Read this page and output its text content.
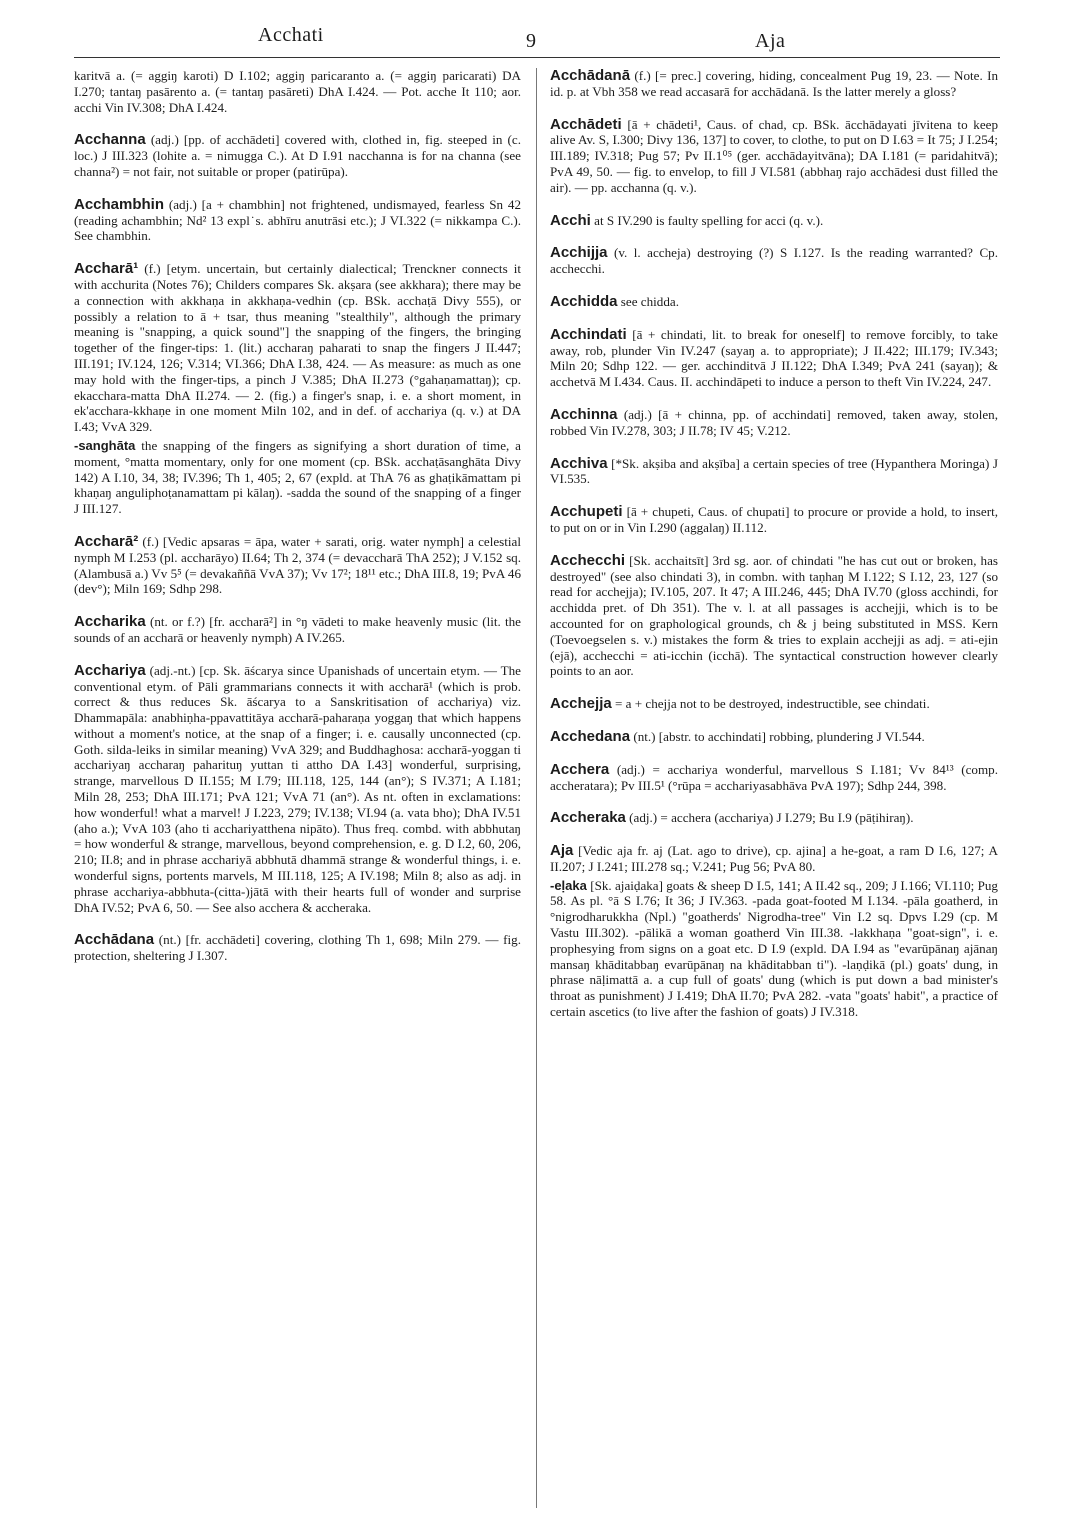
Acchati	9	Aja
karitvā a. (= aggiŋ karoti) D I.102; aggiŋ paricaranto a. (= aggiŋ paricarati) DA I.270; tantaŋ pasārento a. (= tantaŋ pasāreti) DhA I.424. — Pot. acche It 110; aor. acchi Vin IV.308; DhA I.424.
Acchanna (adj.) [pp. of acchādeti] covered with, clothed in, fig. steeped in (c. loc.) J III.323 (lohite a. = nimugga C.). At D I.91 nacchanna is for na channa (see channa²) = not fair, not suitable or proper (patirūpa).
Acchambhin (adj.) [a + chambhin] not frightened, undismayed, fearless Sn 42 (reading achambhin; Nd² 13 expl˙s. abhīru anutrāsi etc.); J VI.322 (= nikkampa C.). See chambhin.
Accharā¹ (f.) [etym. uncertain, but certainly dialectical; Trenckner connects it with acchurita (Notes 76); Childers compares Sk. akṣara (see akkhara); there may be a connection with akkhaṇa in akkhaṇa-vedhin (cp. BSk. acchaṭā Divy 555), or possibly a relation to ā + tsar, thus meaning "stealthily", although the primary meaning is "snapping, a quick sound"] the snapping of the fingers, the bringing together of the finger-tips: 1. (lit.) accharaŋ paharati to snap the fingers J II.447; III.191; IV.124, 126; V.314; VI.366; DhA I.38, 424. — As measure: as much as one may hold with the finger-tips, a pinch J V.385; DhA II.273 (°gahaṇamattaŋ); cp. ekacchara-matta DhA II.274. — 2. (fig.) a finger's snap, i. e. a short moment, in ek'acchara-kkhaṇe in one moment Miln 102, and in def. of acchariya (q. v.) at DA I.43; VvA 329.
-sanghāta the snapping of the fingers as signifying a short duration of time, a moment, °matta momentary, only for one moment (cp. BSk. acchaṭāsanghāta Divy 142) A I.10, 34, 38; IV.396; Th 1, 405; 2, 67 (expld. at ThA 76 as ghaṭikāmattam pi khaṇaŋ anguliphoṭanamattam pi kālaŋ). -sadda the sound of the snapping of a finger J III.127.
Accharā² (f.) [Vedic apsaras = āpa, water + sarati, orig. water nymph] a celestial nymph M I.253 (pl. accharāyo) II.64; Th 2, 374 (= devaccharā ThA 252); J V.152 sq. (Alambusā a.) Vv 5⁵ (= devakaññā VvA 37); Vv 17²; 18¹¹ etc.; DhA III.8, 19; PvA 46 (dev°); Miln 169; Sdhp 298.
Accharika (nt. or f.?) [fr. accharā²] in °ŋ vādeti to make heavenly music (lit. the sounds of an accharā or heavenly nymph) A IV.265.
Acchariya (adj.-nt.) [cp. Sk. āścarya since Upanishads of uncertain etym. — The conventional etym. of Pāli grammarians connects it with accharā¹ (which is prob. correct & thus reduces Sk. āścarya to a Sanskritisation of acchariya) viz. Dhammapāla: anabhiṇha-ppavattitāya accharā-paharaṇa yoggaŋ that which happens without a moment's notice, at the snap of a finger; i. e. causally unconnected (cp. Goth. silda-leiks in similar meaning) VvA 329; and Buddhaghosa: accharā-yoggan ti acchariyaŋ accharaŋ paharituŋ yuttan ti attho DA I.43] wonderful, surprising, strange, marvellous D II.155; M I.79; III.118, 125, 144 (an°); S IV.371; A I.181; Miln 28, 253; DhA III.171; PvA 121; VvA 71 (an°). As nt. often in exclamations: how wonderful! what a marvel! J I.223, 279; IV.138; VI.94 (a. vata bho); DhA IV.51 (aho a.); VvA 103 (aho ti acchariyatthena nipāto). Thus freq. combd. with abbhutaŋ = how wonderful & strange, marvellous, beyond comprehension, e. g. D I.2, 60, 206, 210; II.8; and in phrase acchariyā abbhutā dhammā strange & wonderful things, i. e. wonderful signs, portents marvels, M III.118, 125; A IV.198; Miln 8; also as adj. in phrase acchariya-abbhuta-(citta-)jātā with their hearts full of wonder and surprise DhA IV.52; PvA 6, 50. — See also acchera & accheraka.
Acchādana (nt.) [fr. acchādeti] covering, clothing Th 1, 698; Miln 279. — fig. protection, sheltering J I.307.
Acchādanā (f.) [= prec.] covering, hiding, concealment Pug 19, 23. — Note. In id. p. at Vbh 358 we read accasarā for acchādanā. Is the latter merely a gloss?
Acchādeti [ā + chādeti¹, Caus. of chad, cp. BSk. ācchādayati jīvitena to keep alive Av. S, I.300; Divy 136, 137] to cover, to clothe, to put on D I.63 = It 75; J I.254; III.189; IV.318; Pug 57; Pv II.1⁰⁵ (ger. acchādayitvāna); DA I.181 (= paridahitvā); PvA 49, 50. — fig. to envelop, to fill J VI.581 (abbhaŋ rajo acchādesi dust filled the air). — pp. acchanna (q. v.).
Acchi at S IV.290 is faulty spelling for acci (q. v.).
Acchijja (v. l. accheja) destroying (?) S I.127. Is the reading warranted? Cp. acchecchi.
Acchidda see chidda.
Acchindati [ā + chindati, lit. to break for oneself] to remove forcibly, to take away, rob, plunder Vin IV.247 (sayaŋ a. to appropriate); J II.422; III.179; IV.343; Miln 20; Sdhp 122. — ger. acchinditvā J II.122; DhA I.349; PvA 241 (sayaŋ); & acchetvā M I.434. Caus. II. acchindāpeti to induce a person to theft Vin IV.224, 247.
Acchinna (adj.) [ā + chinna, pp. of acchindati] removed, taken away, stolen, robbed Vin IV.278, 303; J II.78; IV 45; V.212.
Acchiva [*Sk. akṣiba and akṣība] a certain species of tree (Hypanthera Moringa) J VI.535.
Acchupeti [ā + chupeti, Caus. of chupati] to procure or provide a hold, to insert, to put on or in Vin I.290 (aggalaŋ) II.112.
Acchecchi [Sk. acchaitsīt] 3rd sg. aor. of chindati "he has cut out or broken, has destroyed" (see also chindati 3), in combn. with taṇhaŋ M I.122; S I.12, 23, 127 (so read for acchejja); IV.105, 207. It 47; A III.246, 445; DhA IV.70 (gloss acchindi, for acchidda pret. of Dh 351). The v. l. at all passages is acchejji, which is to be accounted for on graphological grounds, ch & j being substituted in MSS. Kern (Toevoegselen s. v.) mistakes the form & tries to explain acchejji as adj. = ati-ejin (ejā), acchecchi = ati-icchin (icchā). The syntactical construction however clearly points to an aor.
Acchejja = a + chejja not to be destroyed, indestructible, see chindati.
Acchedana (nt.) [abstr. to acchindati] robbing, plundering J VI.544.
Acchera (adj.) = acchariya wonderful, marvellous S I.181; Vv 84¹³ (comp. accheratara); Pv III.5¹ (°rūpa = acchariyasabhāva PvA 197); Sdhp 244, 398.
Accheraka (adj.) = acchera (acchariya) J I.279; Bu I.9 (pāṭihiraŋ).
Aja [Vedic aja fr. aj (Lat. ago to drive), cp. ajina] a he-goat, a ram D I.6, 127; A II.207; J I.241; III.278 sq.; V.241; Pug 56; PvA 80.
-eḷaka [Sk. ajaiḍaka] goats & sheep D I.5, 141; A II.42 sq., 209; J I.166; VI.110; Pug 58. As pl. °ā S I.76; It 36; J IV.363. -pada goat-footed M I.134. -pāla goatherd, in °nigrodharukkha (Npl.) "goatherds' Nigrodha-tree" Vin I.2 sq. Dpvs I.29 (cp. M Vastu III.302). -pālikā a woman goatherd Vin III.38. -lakkhaṇa "goat-sign", i. e. prophesying from signs on a goat etc. D I.9 (expld. DA I.94 as "evarūpānaŋ ajānaŋ mansaŋ khāditabbaŋ evarūpānaŋ na khāditabban ti"). -laṇḍikā (pl.) goats' dung, in phrase nāḷimattā a. a cup full of goats' dung (which is put down a bad minister's throat as punishment) J I.419; DhA II.70; PvA 282. -vata "goats' habit", a practice of certain ascetics (to live after the fashion of goats) J IV.318.
